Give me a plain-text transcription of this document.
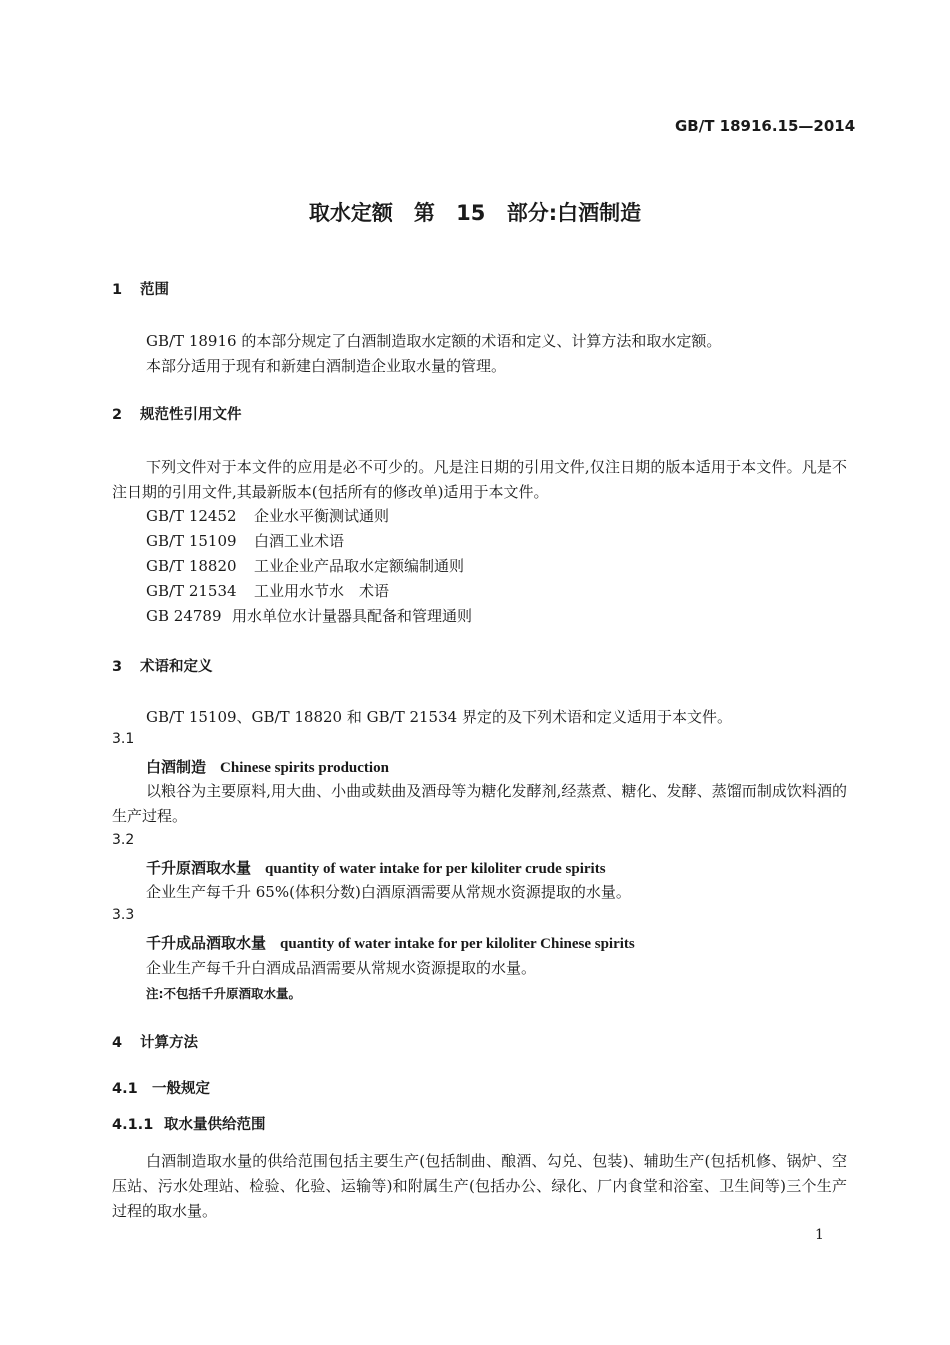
GB/T 18916.15—2014
取水定额　第 15 部分:白酒制造
1 范围
GB/T 18916 的本部分规定了白酒制造取水定额的术语和定义、计算方法和取水定额。
本部分适用于现有和新建白酒制造企业取水量的管理。
2 规范性引用文件
下列文件对于本文件的应用是必不可少的。凡是注日期的引用文件,仅注日期的版本适用于本文件。凡是不注日期的引用文件,其最新版本(包括所有的修改单)适用于本文件。
GB/T 12452 企业水平衡测试通则
GB/T 15109 白酒工业术语
GB/T 18820 工业企业产品取水定额编制通则
GB/T 21534 工业用水节水　术语
GB 24789 用水单位水计量器具配备和管理通则
3 术语和定义
GB/T 15109、GB/T 18820 和 GB/T 21534 界定的及下列术语和定义适用于本文件。
3.1
白酒制造 Chinese spirits production
以粮谷为主要原料,用大曲、小曲或麸曲及酒母等为糖化发酵剂,经蒸煮、糖化、发酵、蒸馏而制成饮料酒的生产过程。
3.2
千升原酒取水量 quantity of water intake for per kiloliter crude spirits
企业生产每千升 65%(体积分数)白酒原酒需要从常规水资源提取的水量。
3.3
千升成品酒取水量 quantity of water intake for per kiloliter Chinese spirits
企业生产每千升白酒成品酒需要从常规水资源提取的水量。
注:不包括千升原酒取水量。
4 计算方法
4.1 一般规定
4.1.1 取水量供给范围
白酒制造取水量的供给范围包括主要生产(包括制曲、酿酒、勾兑、包装)、辅助生产(包括机修、锅炉、空压站、污水处理站、检验、化验、运输等)和附属生产(包括办公、绿化、厂内食堂和浴室、卫生间等)三个生产过程的取水量。
1
